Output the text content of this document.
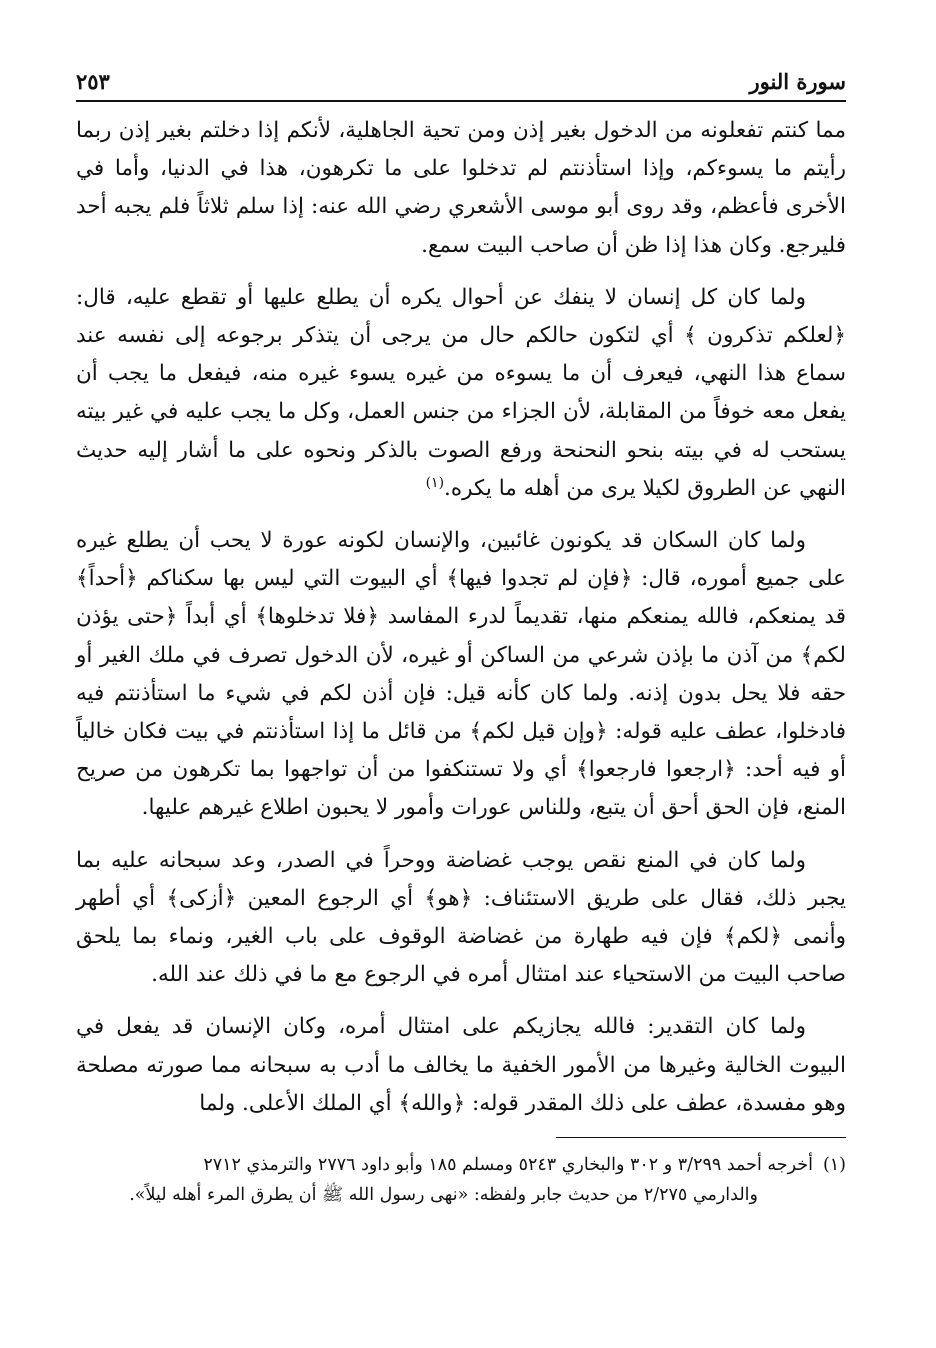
سورة النور
٢٥٣

مما كنتم تفعلونه من الدخول بغير إذن ومن تحية الجاهلية، لأنكم إذا دخلتم بغير إذن ربما رأيتم ما يسوءكم، وإذا استأذنتم لم تدخلوا على ما تكرهون، هذا في الدنيا، وأما في الأخرى فأعظم، وقد روى أبو موسى الأشعري رضي الله عنه: إذا سلم ثلاثاً فلم يجبه أحد فليرجع. وكان هذا إذا ظن أن صاحب البيت سمع.

ولما كان كل إنسان لا ينفك عن أحوال يكره أن يطلع عليها أو تقطع عليه، قال: ﴿لعلكم تذكرون ﴾ أي لتكون حالكم حال من يرجى أن يتذكر برجوعه إلى نفسه عند سماع هذا النهي، فيعرف أن ما يسوءه من غيره يسوء غيره منه، فيفعل ما يجب أن يفعل معه خوفاً من المقابلة، لأن الجزاء من جنس العمل، وكل ما يجب عليه في غير بيته يستحب له في بيته بنحو النحنحة ورفع الصوت بالذكر ونحوه على ما أشار إليه حديث النهي عن الطروق لكيلا يرى من أهله ما يكره.$^{(١)}$

ولما كان السكان قد يكونون غائبين، والإنسان لكونه عورة لا يحب أن يطلع غيره على جميع أموره، قال: ﴿فإن لم تجدوا فيها﴾ أي البيوت التي ليس بها سكناكم ﴿أحداً﴾ قد يمنعكم، فالله يمنعكم منها، تقديماً لدرء المفاسد ﴿فلا تدخلوها﴾ أي أبداً ﴿حتى يؤذن لكم﴾ من آذن ما بإذن شرعي من الساكن أو غيره، لأن الدخول تصرف في ملك الغير أو حقه فلا يحل بدون إذنه. ولما كان كأنه قيل: فإن أذن لكم في شيء ما استأذنتم فيه فادخلوا، عطف عليه قوله: ﴿وإن قيل لكم﴾ من قائل ما إذا استأذنتم في بيت فكان خالياً أو فيه أحد: ﴿ارجعوا فارجعوا﴾ أي ولا تستنكفوا من أن تواجهوا بما تكرهون من صريح المنع، فإن الحق أحق أن يتبع، وللناس عورات وأمور لا يحبون اطلاع غيرهم عليها.

ولما كان في المنع نقص يوجب غضاضة ووحراً في الصدر، وعد سبحانه عليه بما يجبر ذلك، فقال على طريق الاستئناف: ﴿هو﴾ أي الرجوع المعين ﴿أزكى﴾ أي أطهر وأنمى ﴿لكم﴾ فإن فيه طهارة من غضاضة الوقوف على باب الغير، ونماء بما يلحق صاحب البيت من الاستحياء عند امتثال أمره في الرجوع مع ما في ذلك عند الله.

ولما كان التقدير: فالله يجازيكم على امتثال أمره، وكان الإنسان قد يفعل في البيوت الخالية وغيرها من الأمور الخفية ما يخالف ما أدب به سبحانه مما صورته مصلحة وهو مفسدة، عطف على ذلك المقدر قوله: ﴿والله﴾ أي الملك الأعلى. ولما

(١)أخرجه أحمد ٣/٢٩٩ و ٣٠٢ والبخاري ٥٢٤٣ ومسلم ١٨٥ وأبو داود ٢٧٧٦ والترمذي ٢٧١٢
والدارمي ٢/٢٧٥ من حديث جابر ولفظه: «نهى رسول الله ﷺ أن يطرق المرء أهله ليلاً».
